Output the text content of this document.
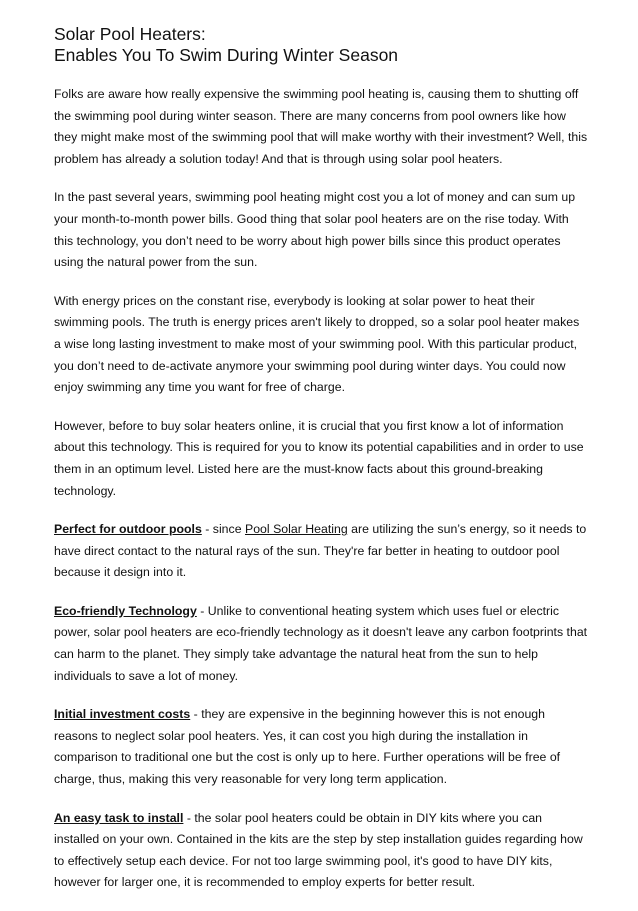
Solar Pool Heaters:
Enables You To Swim During Winter Season

Folks are aware how really expensive the swimming pool heating is, causing them to shutting off the swimming pool during winter season. There are many concerns from pool owners like how they might make most of the swimming pool that will make worthy with their investment? Well, this problem has already a solution today! And that is through using solar pool heaters.

In the past several years, swimming pool heating might cost you a lot of money and can sum up your month-to-month power bills. Good thing that solar pool heaters are on the rise today. With this technology, you don’t need to be worry about high power bills since this product operates using the natural power from the sun.

With energy prices on the constant rise, everybody is looking at solar power to heat their swimming pools. The truth is energy prices aren't likely to dropped, so a solar pool heater makes a wise long lasting investment to make most of your swimming pool. With this particular product, you don’t need to de-activate anymore your swimming pool during winter days. You could now enjoy swimming any time you want for free of charge.

However, before to buy solar heaters online, it is crucial that you first know a lot of information about this technology. This is required for you to know its potential capabilities and in order to use them in an optimum level. Listed here are the must-know facts about this ground-breaking technology.

Perfect for outdoor pools - since Pool Solar Heating are utilizing the sun’s energy, so it needs to have direct contact to the natural rays of the sun. They're far better in heating to outdoor pool because it design into it.

Eco-friendly Technology - Unlike to conventional heating system which uses fuel or electric power, solar pool heaters are eco-friendly technology as it doesn't leave any carbon footprints that can harm to the planet. They simply take advantage the natural heat from the sun to help individuals to save a lot of money.

Initial investment costs - they are expensive in the beginning however this is not enough reasons to neglect solar pool heaters. Yes, it can cost you high during the installation in comparison to traditional one but the cost is only up to here. Further operations will be free of charge, thus, making this very reasonable for very long term application.

An easy task to install - the solar pool heaters could be obtain in DIY kits where you can installed on your own. Contained in the kits are the step by step installation guides regarding how to effectively setup each device. For not too large swimming pool, it's good to have DIY kits, however for larger one, it is recommended to employ experts for better result.
